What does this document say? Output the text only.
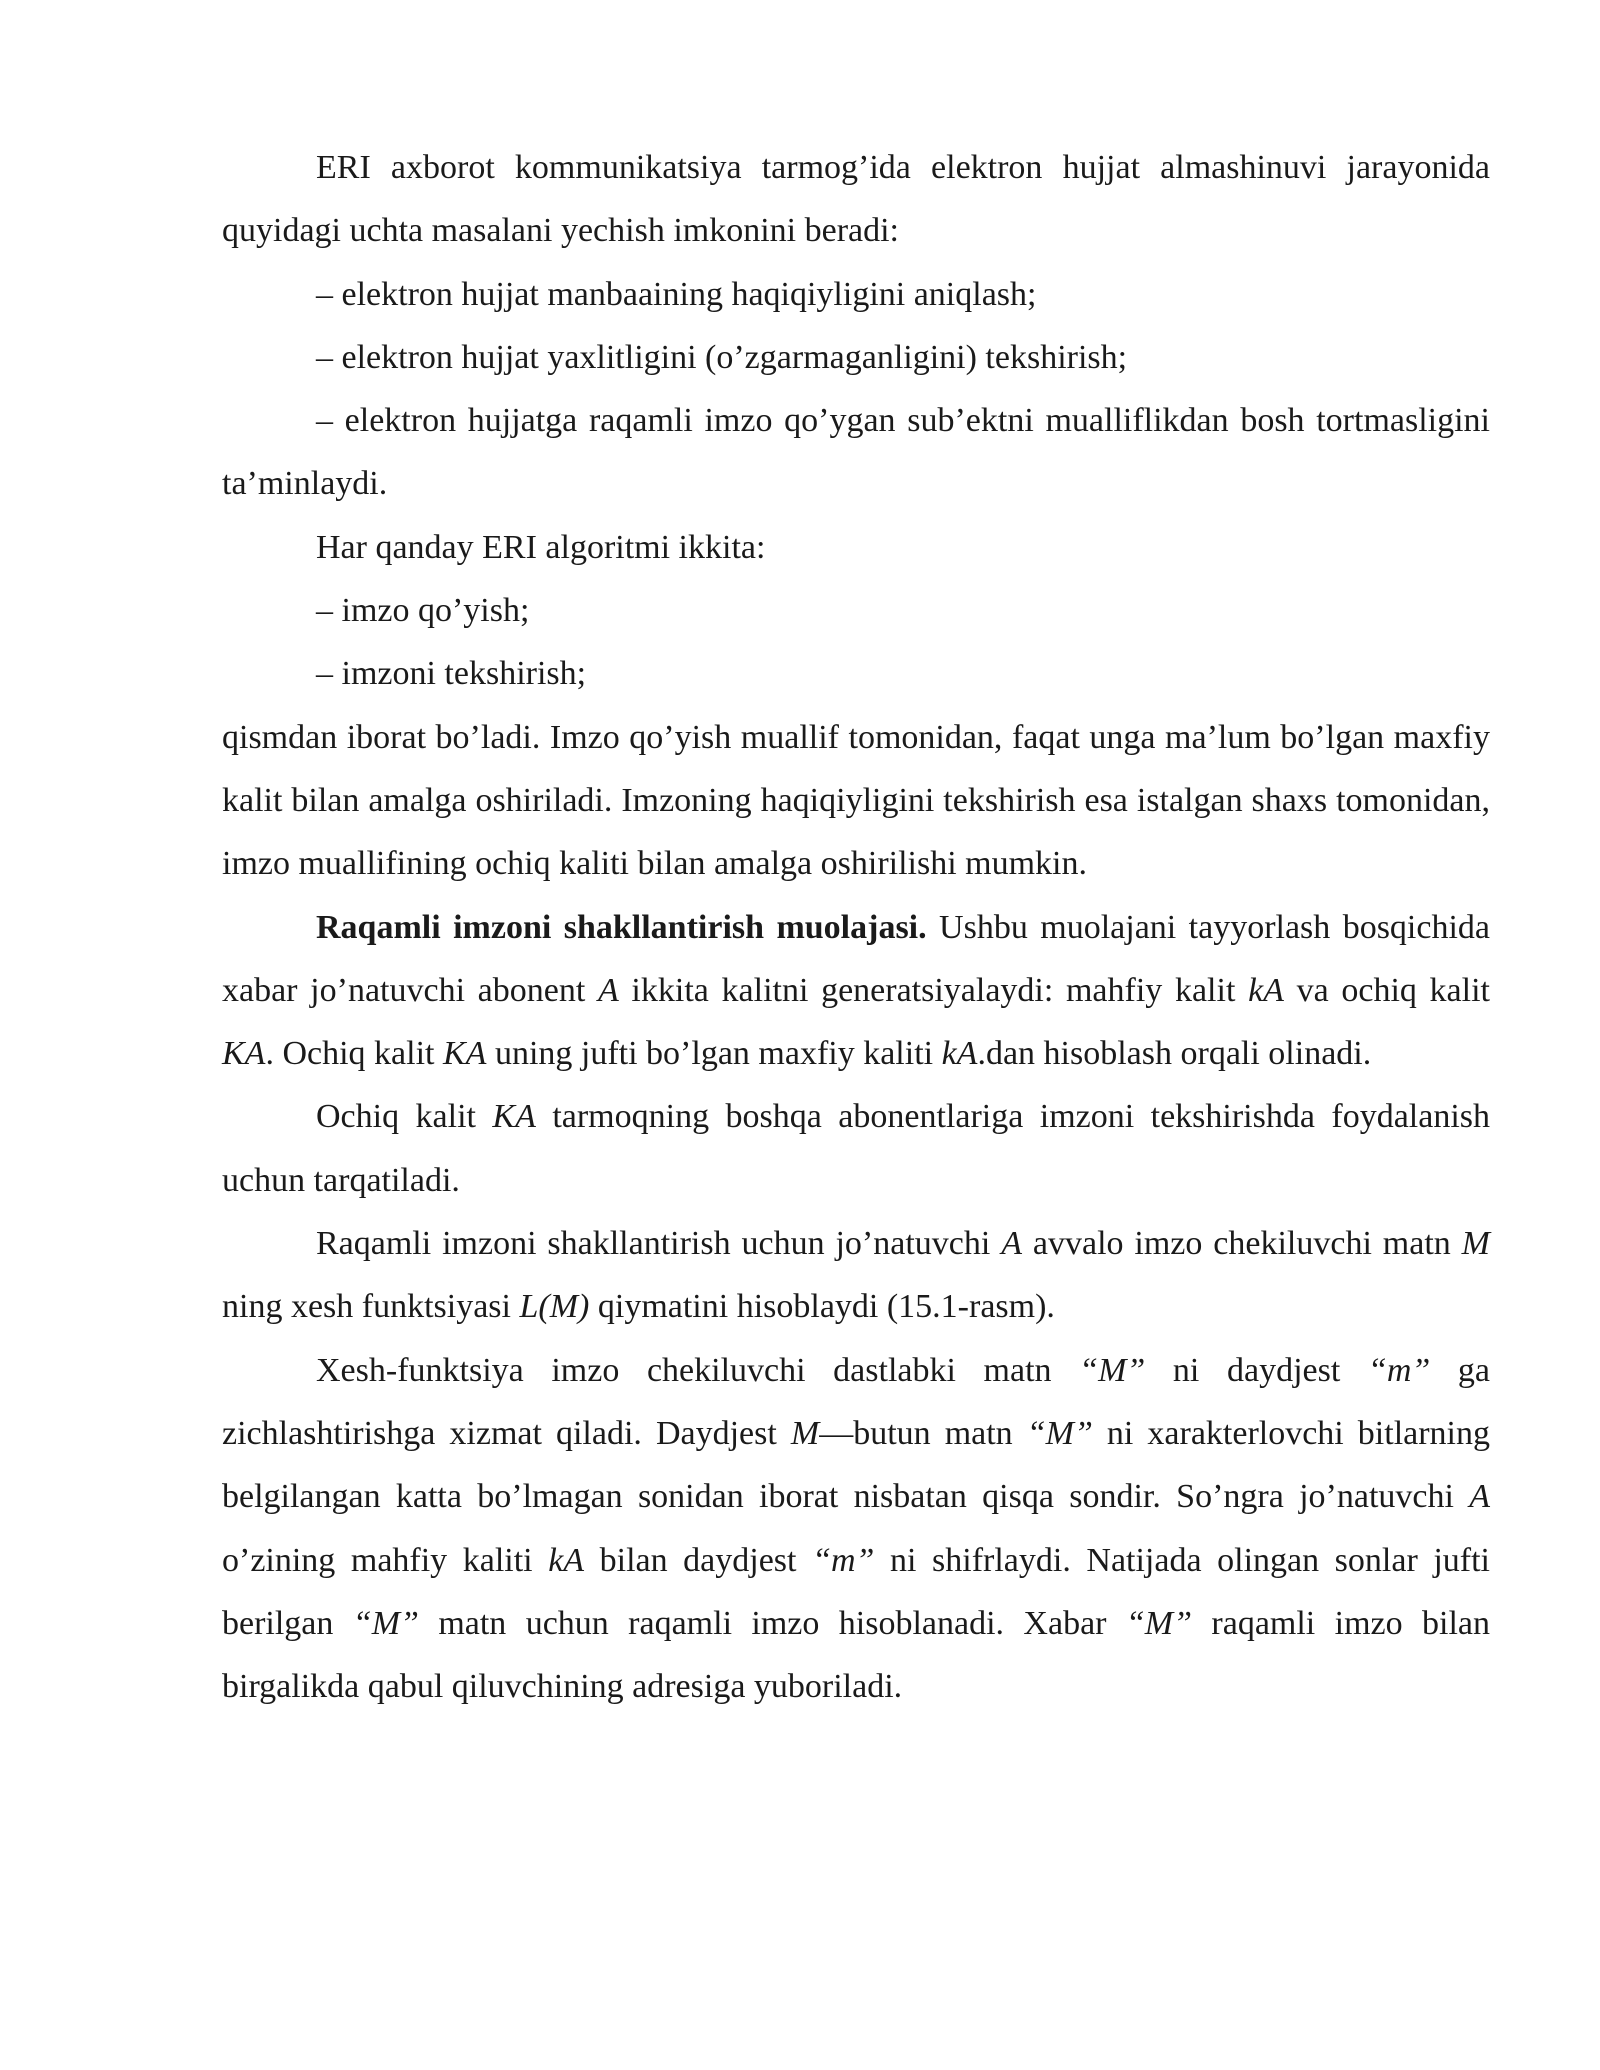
ERI axborot kommunikatsiya tarmog’ida elektron hujjat almashinuvi jarayonida quyidagi uchta masalani yechish imkonini beradi:

– elektron hujjat manbaaining haqiqiyligini aniqlash;

– elektron hujjat yaxlitligini (o’zgarmaganligini) tekshirish;

– elektron hujjatga raqamli imzo qo’ygan sub’ektni mualliflikdan bosh tortmasligini ta’minlaydi.

Har qanday ERI algoritmi ikkita:

– imzo qo’yish;

– imzoni tekshirish;

qismdan iborat bo’ladi. Imzo qo’yish muallif tomonidan, faqat unga ma’lum bo’lgan maxfiy kalit bilan amalga oshiriladi. Imzoning haqiqiyligini tekshirish esa istalgan shaxs tomonidan, imzo muallifining ochiq kaliti bilan amalga oshirilishi mumkin.

Raqamli imzoni shakllantirish muolajasi. Ushbu muolajani tayyorlash bosqichida xabar jo’natuvchi abonent A ikkita kalitni generatsiyalaydi: mahfiy kalit kA va ochiq kalit KA. Ochiq kalit KA uning jufti bo’lgan maxfiy kaliti kA.dan hisoblash orqali olinadi.

Ochiq kalit KA tarmoqning boshqa abonentlariga imzoni tekshirishda foydalanish uchun tarqatiladi.

Raqamli imzoni shakllantirish uchun jo’natuvchi A avvalo imzo chekiluvchi matn M ning xesh funktsiyasi L(M) qiymatini hisoblaydi (15.1-rasm).

Xesh-funktsiya imzo chekiluvchi dastlabki matn “M” ni daydjest “m” ga zichlashtirishga xizmat qiladi. Daydjest M—butun matn “M” ni xarakterlovchi bitlarning belgilangan katta bo’lmagan sonidan iborat nisbatan qisqa sondir. So’ngra jo’natuvchi A o’zining mahfiy kaliti kA bilan daydjest “m” ni shifrlaydi. Natijada olingan sonlar jufti berilgan “M” matn uchun raqamli imzo hisoblanadi. Xabar “M” raqamli imzo bilan birgalikda qabul qiluvchining adresiga yuboriladi.
